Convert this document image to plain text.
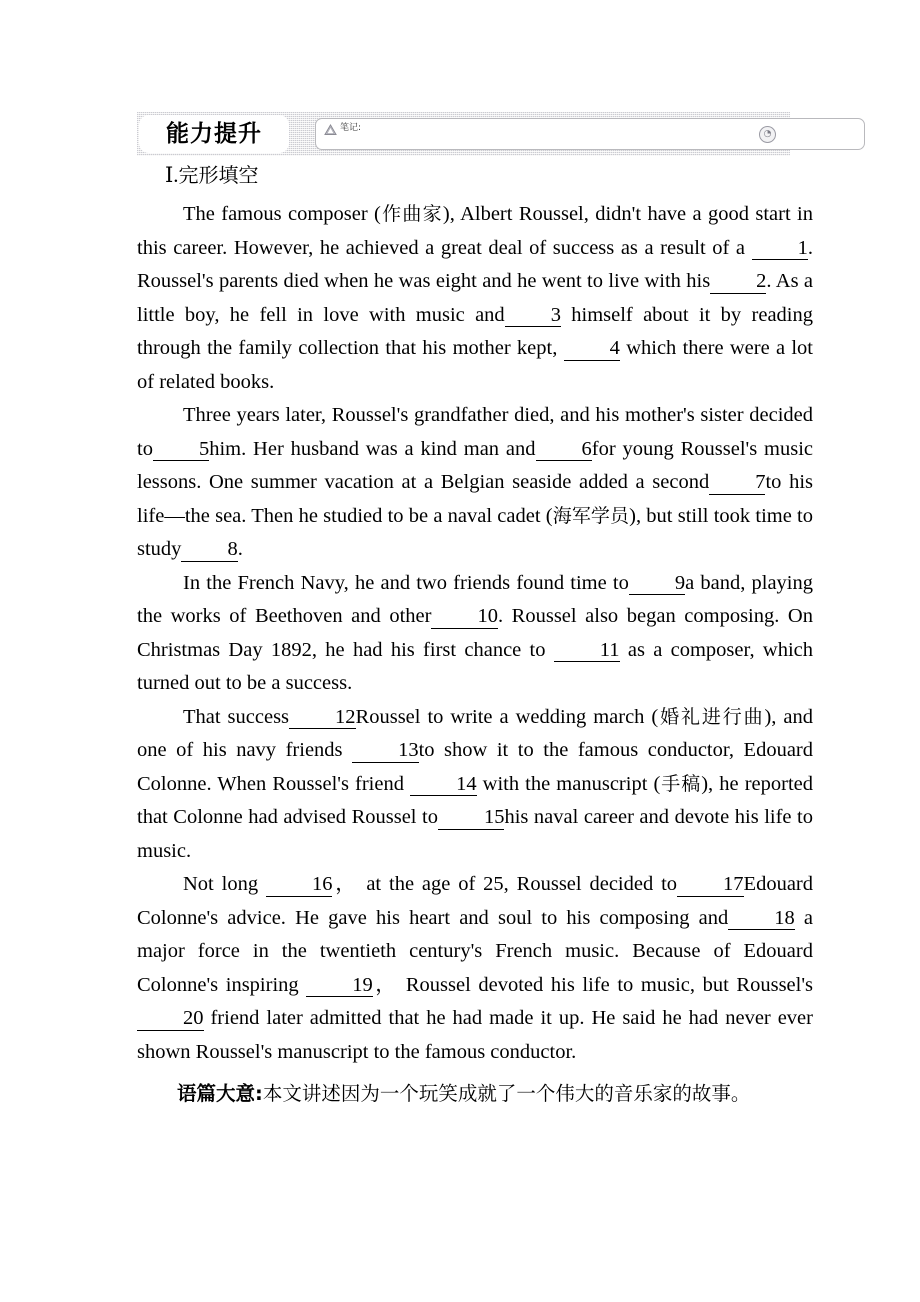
能力提升	笔记:
◔
Ⅰ.完形填空

The famous composer (作曲家), Albert Roussel, didn't have a good start in this career. However, he achieved a great deal of success as a result of a 1. Roussel's parents died when he was eight and he went to live with his 2. As a little boy, he fell in love with music and 3 himself about it by reading through the family collection that his mother kept, 4 which there were a lot of related books.

Three years later, Roussel's grandfather died, and his mother's sister decided to 5him. Her husband was a kind man and 6for young Roussel's music lessons. One summer vacation at a Belgian seaside added a second 7to his life—the sea. Then he studied to be a naval cadet (海军学员), but still took time to study 8.

In the French Navy, he and two friends found time to 9a band, playing the works of Beethoven and other 10. Roussel also began composing. On Christmas Day 1892, he had his first chance to 11 as a composer, which turned out to be a success.

That success 12Roussel to write a wedding march (婚礼进行曲), and one of his navy friends 13to show it to the famous conductor, Edouard Colonne. When Roussel's friend 14 with the manuscript (手稿), he reported that Colonne had advised Roussel to 15his naval career and devote his life to music.

Not long 16， at the age of 25, Roussel decided to 17Edouard Colonne's advice. He gave his heart and soul to his composing and 18 a major force in the twentieth century's French music. Because of Edouard Colonne's inspiring 19， Roussel devoted his life to music, but Roussel's20 friend later admitted that he had made it up. He said he had never ever shown Roussel's manuscript to the famous conductor.

语篇大意:本文讲述因为一个玩笑成就了一个伟大的音乐家的故事。
